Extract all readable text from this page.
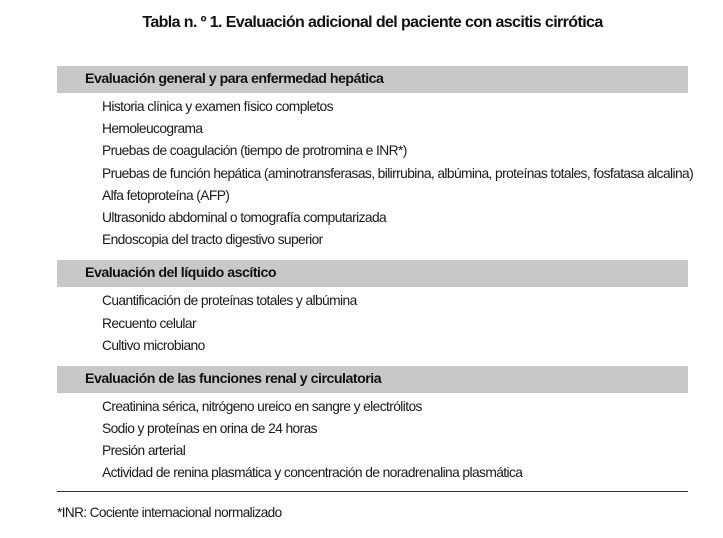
Tabla n. º 1. Evaluación adicional del paciente con ascitis cirrótica
Evaluación general y para enfermedad hepática
Historia clínica y examen físico completos
Hemoleucograma
Pruebas de coagulación (tiempo de protromina e INR*)
Pruebas de función hepática (aminotransferasas, bilirrubina, albúmina, proteínas totales, fosfatasa alcalina)
Alfa fetoproteína (AFP)
Ultrasonido abdominal o tomografía computarizada
Endoscopia del tracto digestivo superior
Evaluación del líquido ascítico
Cuantificación de proteínas totales y albúmina
Recuento celular
Cultivo microbiano
Evaluación de las funciones renal y circulatoria
Creatinina sérica, nitrógeno ureico en sangre y electrólitos
Sodio y proteínas en orina de 24 horas
Presión arterial
Actividad de renina plasmática y concentración de noradrenalina plasmática
*INR: Cociente internacional normalizado
